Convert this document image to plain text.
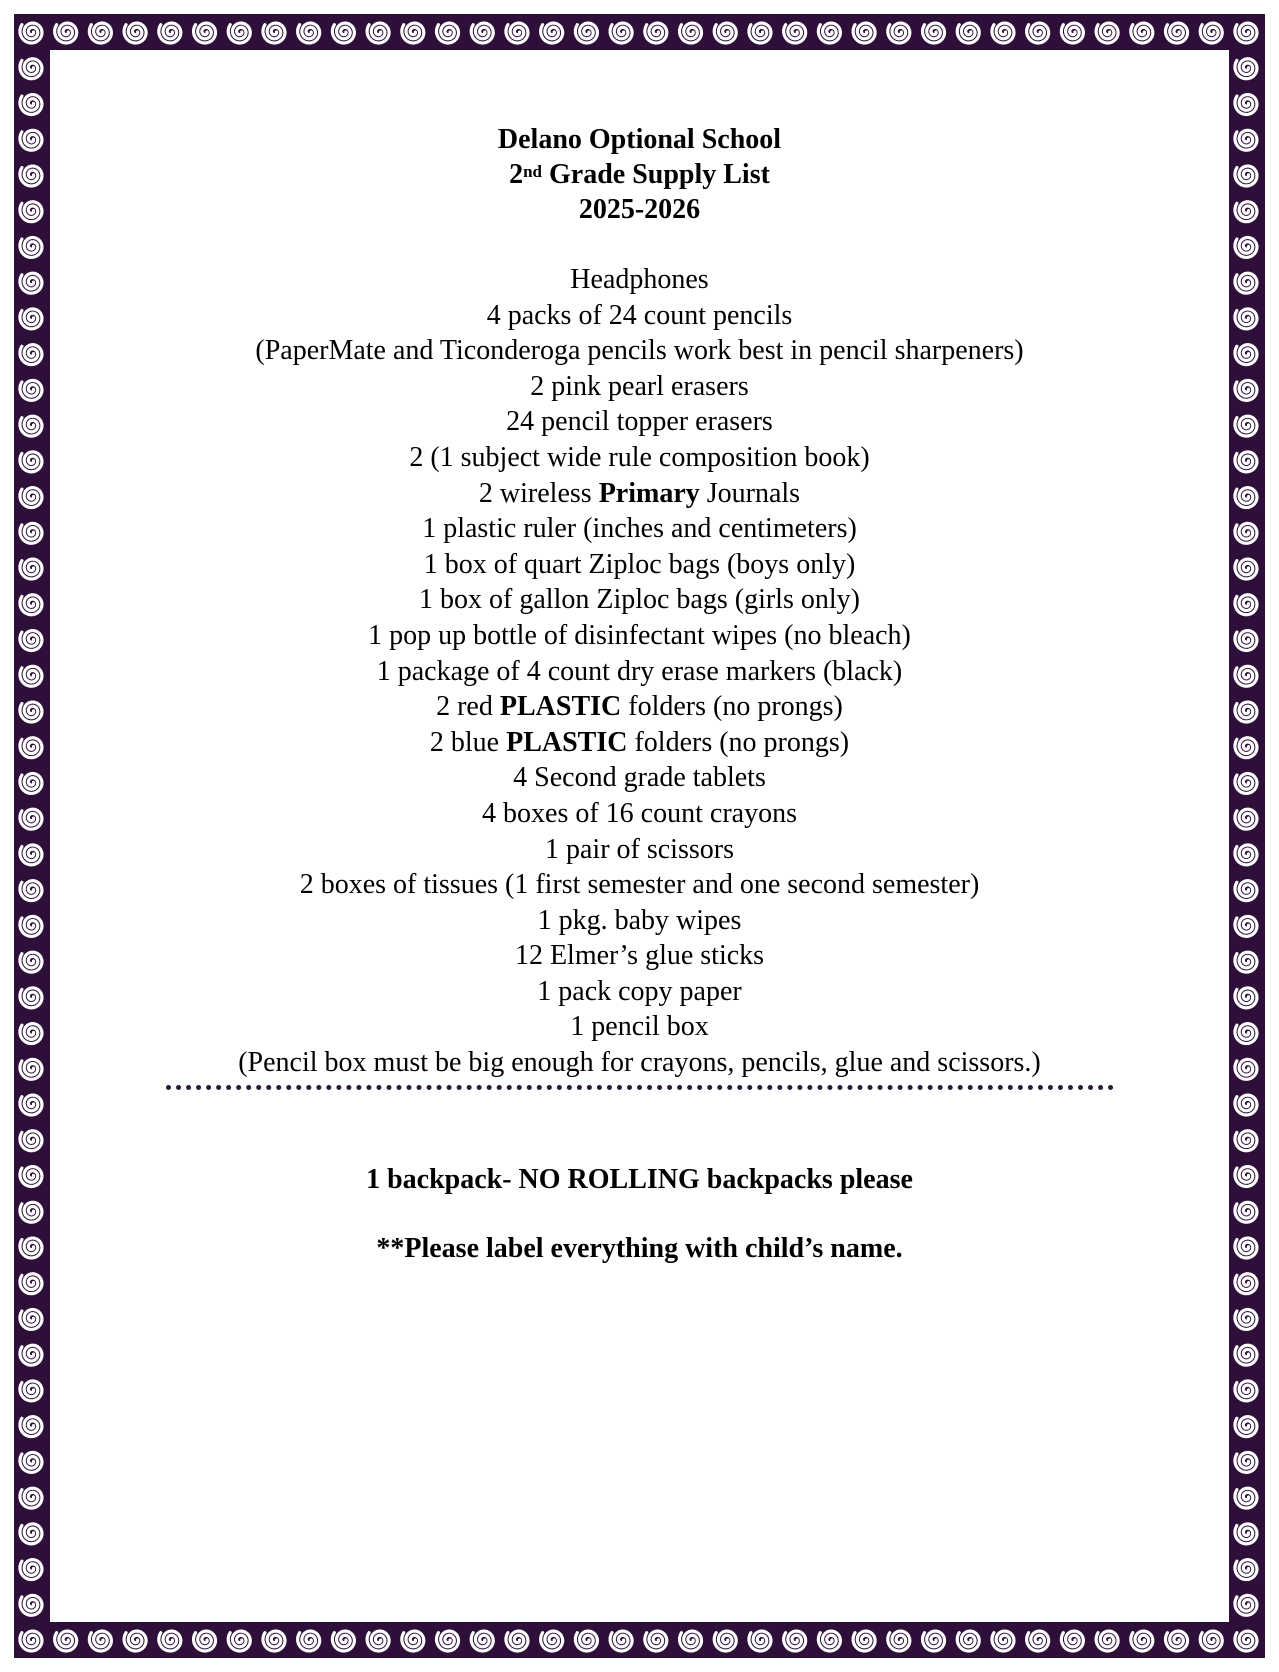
Delano Optional School
2nd Grade Supply List
2025-2026
Headphones
4 packs of 24 count pencils
(PaperMate and Ticonderoga pencils work best in pencil sharpeners)
2 pink pearl erasers
24 pencil topper erasers
2 (1 subject wide rule composition book)
2 wireless Primary Journals
1 plastic ruler (inches and centimeters)
1 box of quart Ziploc bags (boys only)
1 box of gallon Ziploc bags (girls only)
1 pop up bottle of disinfectant wipes (no bleach)
1 package of 4 count dry erase markers (black)
2 red PLASTIC folders (no prongs)
2 blue PLASTIC folders (no prongs)
4 Second grade tablets
4 boxes of 16 count crayons
1 pair of scissors
2 boxes of tissues (1 first semester and one second semester)
1 pkg. baby wipes
12 Elmer’s glue sticks
1 pack copy paper
1 pencil box
(Pencil box must be big enough for crayons, pencils, glue and scissors.)
1 backpack- NO ROLLING backpacks please
**Please label everything with child’s name.
